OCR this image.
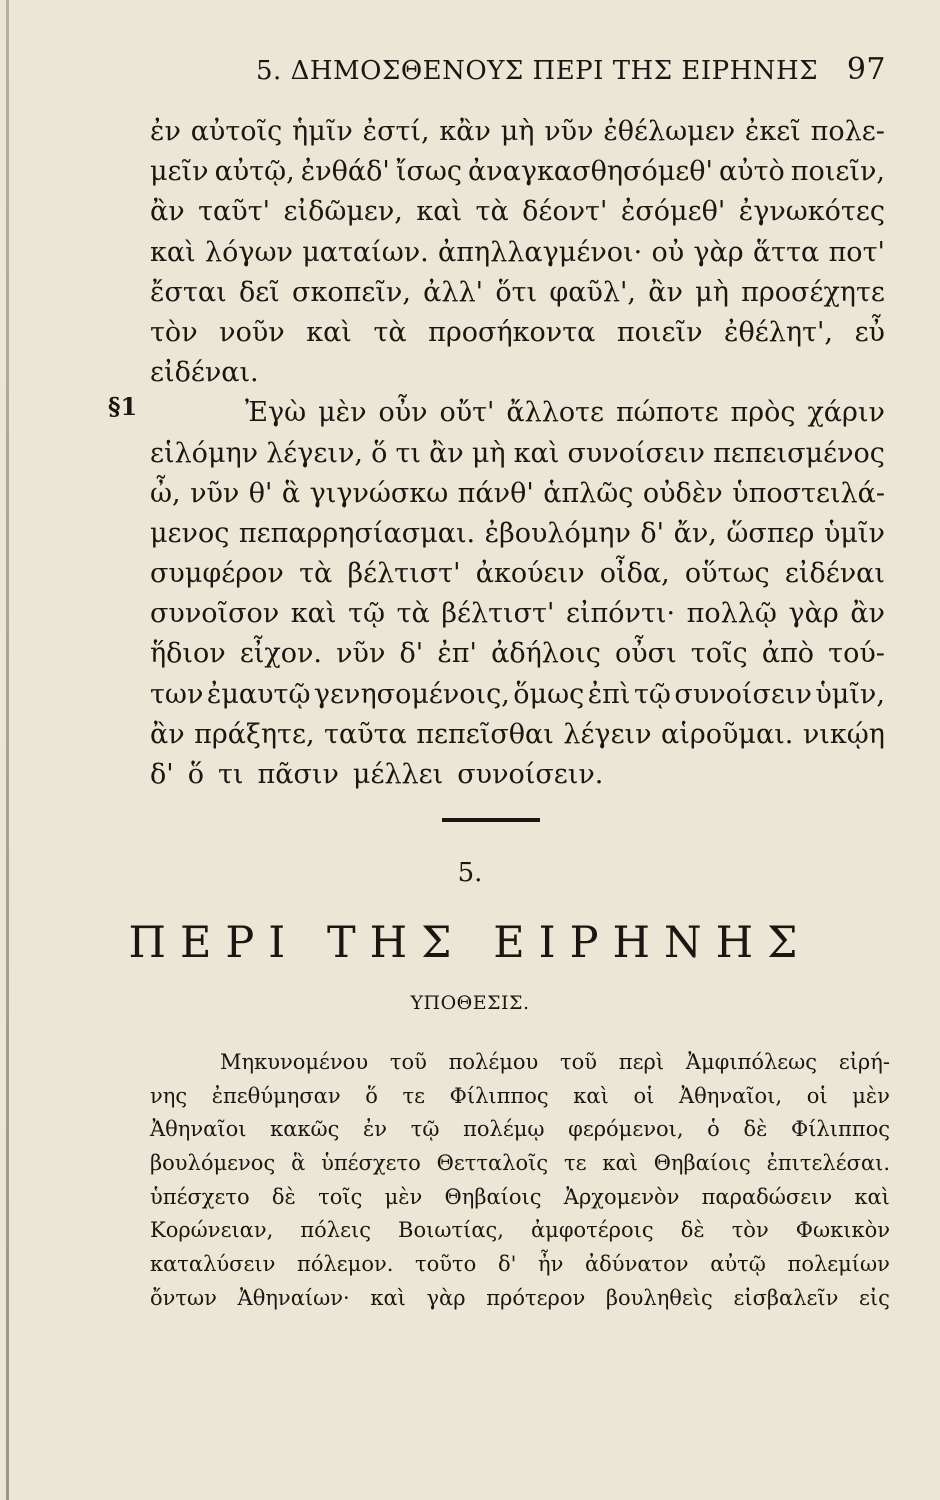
5. ΔΗΜΟΣΘΕΝΟΥΣ ΠΕΡΙ ΤΗΣ ΕΙΡΗΝΗΣ 97
§1
ἐν αὐτοῖς ἡμῖν ἐστί, κἂν μὴ νῦν ἐθέλωμεν ἐκεῖ πολε-
μεῖν αὐτῷ, ἐνθάδ' ἴσως ἀναγκασθησόμεθ' αὐτὸ ποιεῖν,
ἂν ταῦτ' εἰδῶμεν, καὶ τὰ δέοντ' ἐσόμεθ' ἐγνωκότες
καὶ λόγων ματαίων. ἀπηλλαγμένοι· οὐ γὰρ ἅττα ποτ'
ἔσται δεῖ σκοπεῖν, ἀλλ' ὅτι φαῦλ', ἂν μὴ προσέχητε
τὸν νοῦν καὶ τὰ προσήκοντα ποιεῖν ἐθέλητ', εὖ
εἰδέναι.
Ἐγὼ μὲν οὖν οὔτ' ἄλλοτε πώποτε πρὸς χάριν
εἱλόμην λέγειν, ὅ τι ἂν μὴ καὶ συνοίσειν πεπεισμένος
ὦ, νῦν θ' ἃ γιγνώσκω πάνθ' ἁπλῶς οὐδὲν ὑποστειλά-
μενος πεπαρρησίασμαι. ἐβουλόμην δ' ἄν, ὥσπερ ὑμῖν
συμφέρον τὰ βέλτιστ' ἀκούειν οἶδα, οὕτως εἰδέναι
συνοῖσον καὶ τῷ τὰ βέλτιστ' εἰπόντι· πολλῷ γὰρ ἂν
ἥδιον εἶχον. νῦν δ' ἐπ' ἀδήλοις οὖσι τοῖς ἀπὸ τού-
των ἐμαυτῷ γενησομένοις, ὅμως ἐπὶ τῷ συνοίσειν ὑμῖν,
ἂν πράξητε, ταῦτα πεπεῖσθαι λέγειν αἱροῦμαι. νικῴη
δ' ὅ τι πᾶσιν μέλλει συνοίσειν.
5.
ΠΕΡΙ ΤΗΣ ΕΙΡΗΝΗΣ
ΥΠΟΘΕΣΙΣ.
Μηκυνομένου τοῦ πολέμου τοῦ περὶ Ἀμφιπόλεως εἰρή-
νης ἐπεθύμησαν ὅ τε Φίλιππος καὶ οἱ Ἀθηναῖοι, οἱ μὲν
Ἀθηναῖοι κακῶς ἐν τῷ πολέμῳ φερόμενοι, ὁ δὲ Φίλιππος
βουλόμενος ἃ ὑπέσχετο Θετταλοῖς τε καὶ Θηβαίοις ἐπιτελέσαι.
ὑπέσχετο δὲ τοῖς μὲν Θηβαίοις Ἀρχομενὸν παραδώσειν καὶ
Κορώνειαν, πόλεις Βοιωτίας, ἀμφοτέροις δὲ τὸν Φωκικὸν
καταλύσειν πόλεμον. τοῦτο δ' ἦν ἀδύνατον αὐτῷ πολεμίων
ὄντων Ἀθηναίων· καὶ γὰρ πρότερον βουληθεὶς εἰσβαλεῖν εἰς
